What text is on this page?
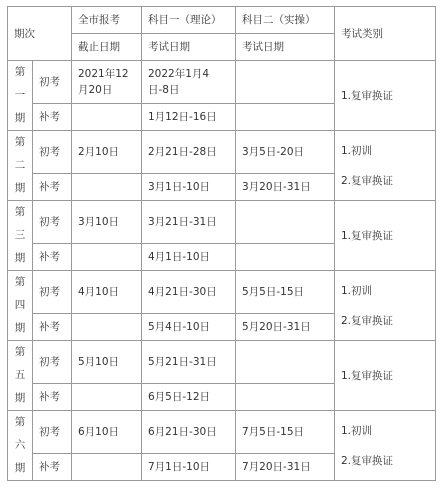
期次		全市报考	科目一（理论）	科目二（实操）	考试类别
		截止日期	考试日期	考试日期	
第一期	初考	2021年12月20日	2022年1月4日-8日		1.复审换证

	补考		1月12日-16日		
第二期	初考	2月10日	2月21日-28日	3月5日-20日	1.初训
2.复审换证

	补考		3月1日-10日	3月20日-31日	
第三期	初考	3月10日	3月21日-31日		1.复审换证

	补考		4月1日-10日		
第四期	初考	4月10日	4月21日-30日	5月5日-15日	1.初训
2.复审换证

	补考		5月4日-10日	5月20日-31日	
第五期	初考	5月10日	5月21日-31日		1.复审换证

	补考		6月5日-12日		
第六期	初考	6月10日	6月21日-30日	7月5日-15日	1.初训
2.复审换证

	补考		7月1日-10日	7月20日-31日	
